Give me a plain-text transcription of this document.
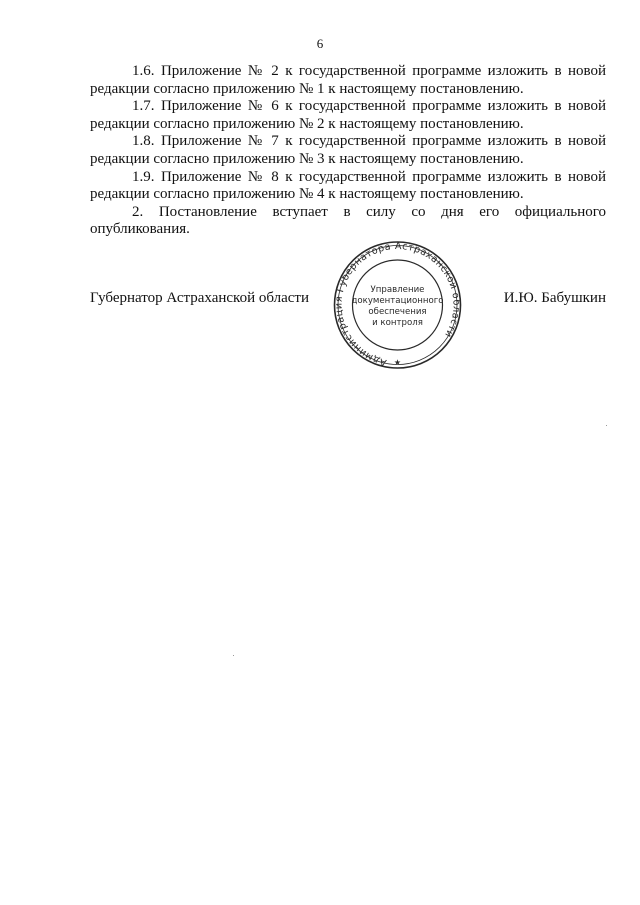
6

1.6. Приложение № 2 к государственной программе изложить в новой редакции согласно приложению № 1 к настоящему постановлению.

1.7. Приложение № 6 к государственной программе изложить в новой редакции согласно приложению № 2 к настоящему постановлению.

1.8. Приложение № 7 к государственной программе изложить в новой редакции согласно приложению № 3 к настоящему постановлению.

1.9. Приложение № 8 к государственной программе изложить в новой редакции согласно приложению № 4 к настоящему постановлению.

2. Постановление вступает в силу со дня его официального опубликования.

Губернатор Астраханской области	И.Ю. Бабушкин
Администрация Губернатора Астраханской области
★
Управление
документационного
обеспечения
и контроля
